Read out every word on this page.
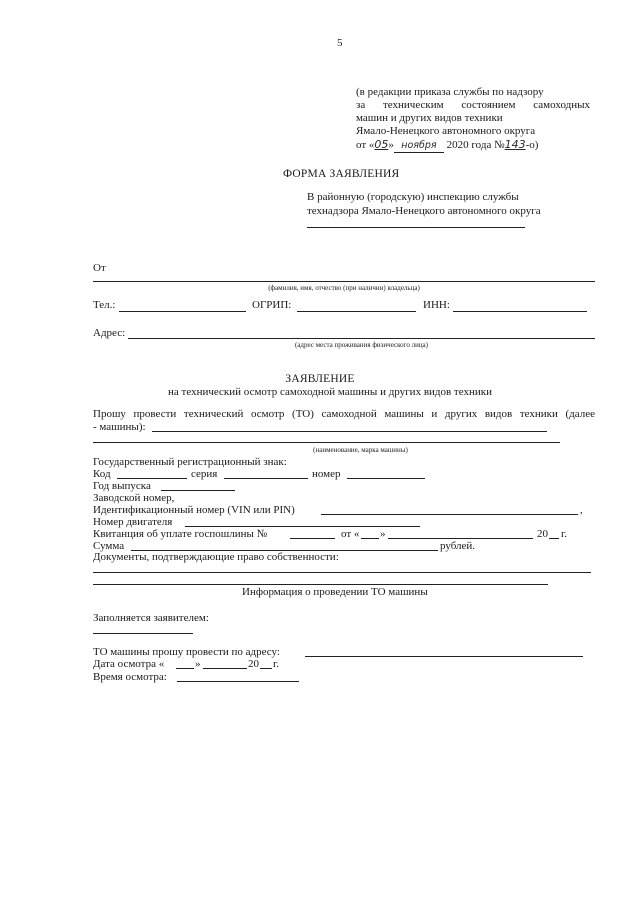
5
(в редакции приказа службы по надзору
за техническим состоянием самоходных
машин и других видов техники
Ямало-Ненецкого автономного округа
от «05» ноября 2020 года №143-о)
ФОРМА ЗАЯВЛЕНИЯ
В районную (городскую) инспекцию службы
технадзора Ямало-Ненецкого автономного округа
От
(фамилия, имя, отчество (при наличии) владельца)
Тел.:	ОГРИП:	ИНН:
Адрес:
(адрес места проживания физического лица)
ЗАЯВЛЕНИЕ
на технический осмотр самоходной машины и других видов техники
Прошу провести технический осмотр (ТО) самоходной машины и других видов техники (далее
- машины):
(наименование, марка машины)
Государственный регистрационный знак:
Код	серия	номер
Год выпуска
Заводской номер,
Идентификационный номер (VIN или PIN)	,
Номер двигателя
Квитанция об уплате госпошлины №	от « »	20 г.
Сумма	рублей.
Документы, подтверждающие право собственности:
Информация о проведении ТО машины
Заполняется заявителем:
ТО машины прошу провести по адресу:
Дата осмотра «	»	20 г.
Время осмотра:
